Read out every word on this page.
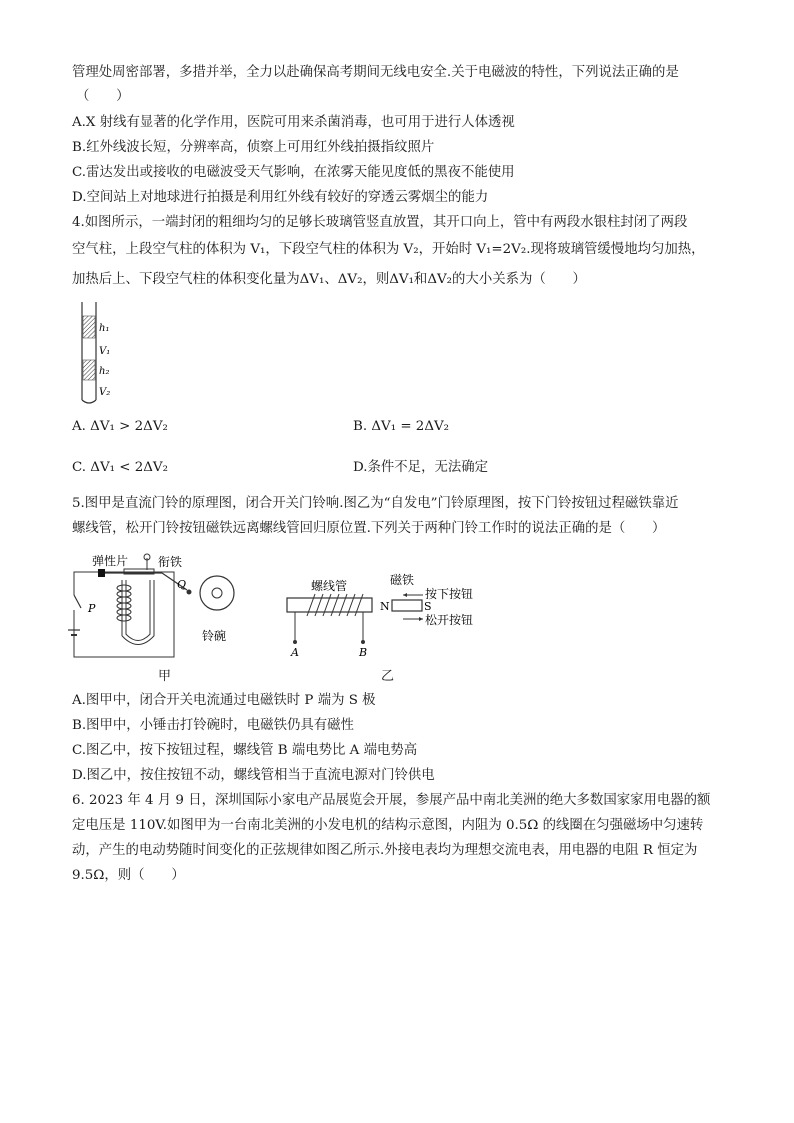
管理处周密部署，多措并举，全力以赴确保高考期间无线电安全.关于电磁波的特性，下列说法正确的是
（　　）
A.X 射线有显著的化学作用，医院可用来杀菌消毒，也可用于进行人体透视
B.红外线波长短，分辨率高，侦察上可用红外线拍摄指纹照片
C.雷达发出或接收的电磁波受天气影响，在浓雾天能见度低的黑夜不能使用
D.空间站上对地球进行拍摄是利用红外线有较好的穿透云雾烟尘的能力
4.如图所示，一端封闭的粗细均匀的足够长玻璃管竖直放置，其开口向上，管中有两段水银柱封闭了两段
空气柱，上段空气柱的体积为 V₁，下段空气柱的体积为 V₂，开始时 V₁=2V₂.现将玻璃管缓慢地均匀加热，
加热后上、下段空气柱的体积变化量为ΔV₁、ΔV₂，则ΔV₁和ΔV₂的大小关系为（　　）
h₁
V₁
h₂
V₂
A. ΔV₁ > 2ΔV₂	B. ΔV₁ = 2ΔV₂
C. ΔV₁ < 2ΔV₂	D.条件不足，无法确定
5.图甲是直流门铃的原理图，闭合开关门铃响.图乙为“自发电”门铃原理图，按下门铃按钮过程磁铁靠近
螺线管，松开门铃按钮磁铁远离螺线管回归原位置.下列关于两种门铃工作时的说法正确的是（　　）
弹性片 衔铁
Q
P
铃碗
甲
A	B
螺线管
N	S
磁铁
按下按钮
松开按钮
乙
A.图甲中，闭合开关电流通过电磁铁时 P 端为 S 极
B.图甲中，小锤击打铃碗时，电磁铁仍具有磁性
C.图乙中，按下按钮过程，螺线管 B 端电势比 A 端电势高
D.图乙中，按住按钮不动，螺线管相当于直流电源对门铃供电
6. 2023 年 4 月 9 日，深圳国际小家电产品展览会开展，参展产品中南北美洲的绝大多数国家家用电器的额
定电压是 110V.如图甲为一台南北美洲的小发电机的结构示意图，内阻为 0.5Ω 的线圈在匀强磁场中匀速转
动，产生的电动势随时间变化的正弦规律如图乙所示.外接电表均为理想交流电表，用电器的电阻 R 恒定为
9.5Ω，则（　　）
